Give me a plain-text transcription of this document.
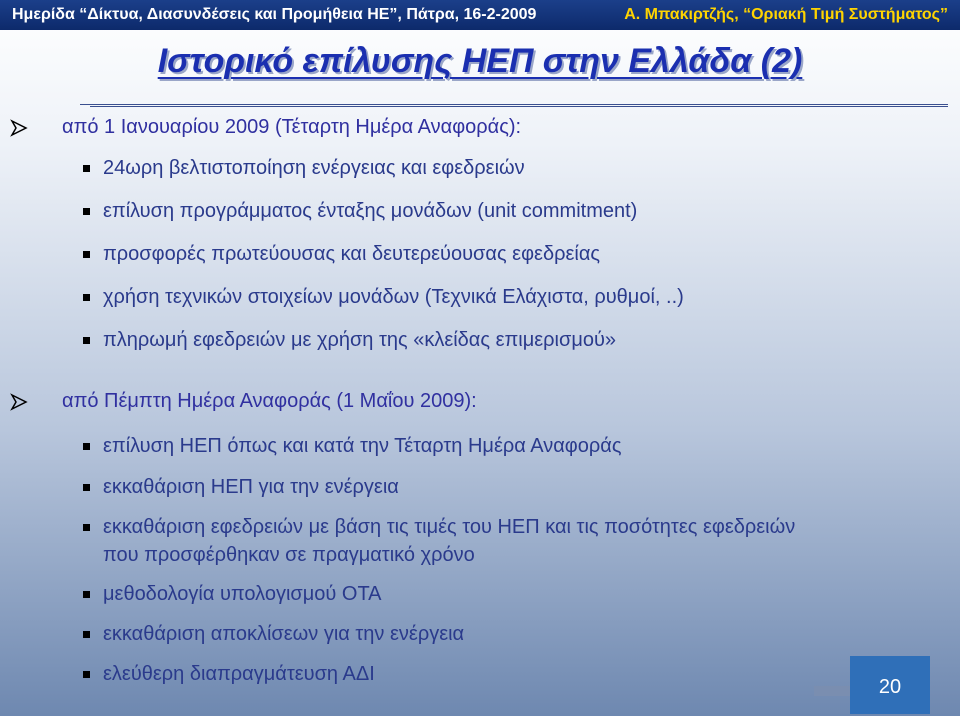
Ημερίδα “Δίκτυα, Διασυνδέσεις και Προμήθεια ΗΕ”, Πάτρα, 16-2-2009	Α. Μπακιρτζής, “Οριακή Τιμή Συστήματος”
Ιστορικό επίλυσης ΗΕΠ στην Ελλάδα (2)
από 1 Ιανουαρίου 2009 (Τέταρτη Ημέρα Αναφοράς):
24ωρη βελτιστοποίηση ενέργειας και εφεδρειών
επίλυση προγράμματος ένταξης μονάδων (unit commitment)
προσφορές πρωτεύουσας και δευτερεύουσας εφεδρείας
χρήση τεχνικών στοιχείων μονάδων (Τεχνικά Ελάχιστα, ρυθμοί, ..)
πληρωμή εφεδρειών με χρήση της «κλείδας επιμερισμού»
από Πέμπτη Ημέρα Αναφοράς (1 Μαΐου 2009):
επίλυση ΗΕΠ όπως και κατά την Τέταρτη Ημέρα Αναφοράς
εκκαθάριση ΗΕΠ για την ενέργεια
εκκαθάριση εφεδρειών με βάση τις τιμές του ΗΕΠ και τις ποσότητες εφεδρειών
που προσφέρθηκαν σε πραγματικό χρόνο
μεθοδολογία υπολογισμού ΟΤΑ
εκκαθάριση αποκλίσεων για την ενέργεια
ελεύθερη διαπραγμάτευση ΑΔΙ
20
